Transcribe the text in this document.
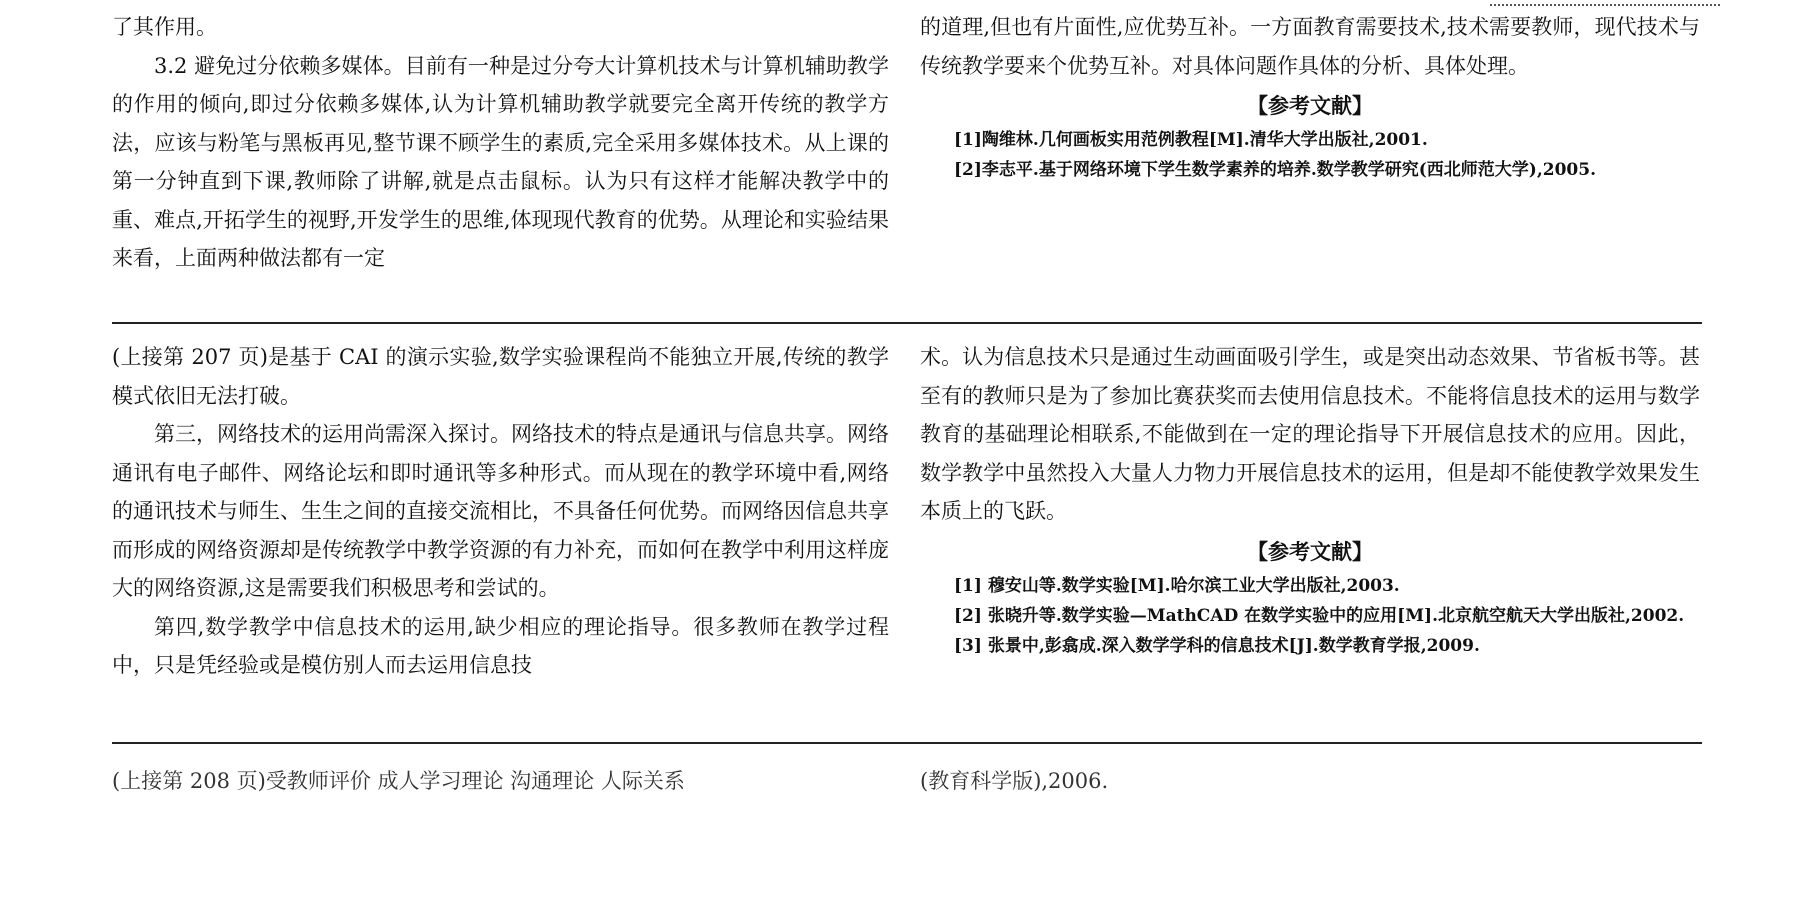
了其作用。

3.2 避免过分依赖多媒体。目前有一种是过分夸大计算机技术与计算机辅助教学的作用的倾向,即过分依赖多媒体,认为计算机辅助教学就要完全离开传统的教学方法，应该与粉笔与黑板再见,整节课不顾学生的素质,完全采用多媒体技术。从上课的第一分钟直到下课,教师除了讲解,就是点击鼠标。认为只有这样才能解决教学中的重、难点,开拓学生的视野,开发学生的思维,体现现代教育的优势。从理论和实验结果来看，上面两种做法都有一定

的道理,但也有片面性,应优势互补。一方面教育需要技术,技术需要教师，现代技术与传统教学要来个优势互补。对具体问题作具体的分析、具体处理。

【参考文献】

[1]陶维林.几何画板实用范例教程[M].清华大学出版社,2001.

[2]李志平.基于网络环境下学生数学素养的培养.数学教学研究(西北师范大学),2005.

(上接第 207 页)是基于 CAI 的演示实验,数学实验课程尚不能独立开展,传统的教学模式依旧无法打破。

第三，网络技术的运用尚需深入探讨。网络技术的特点是通讯与信息共享。网络通讯有电子邮件、网络论坛和即时通讯等多种形式。而从现在的教学环境中看,网络的通讯技术与师生、生生之间的直接交流相比，不具备任何优势。而网络因信息共享而形成的网络资源却是传统教学中教学资源的有力补充，而如何在教学中利用这样庞大的网络资源,这是需要我们积极思考和尝试的。

第四,数学教学中信息技术的运用,缺少相应的理论指导。很多教师在教学过程中，只是凭经验或是模仿别人而去运用信息技

术。认为信息技术只是通过生动画面吸引学生，或是突出动态效果、节省板书等。甚至有的教师只是为了参加比赛获奖而去使用信息技术。不能将信息技术的运用与数学教育的基础理论相联系,不能做到在一定的理论指导下开展信息技术的应用。因此，数学教学中虽然投入大量人力物力开展信息技术的运用，但是却不能使教学效果发生本质上的飞跃。

【参考文献】

[1] 穆安山等.数学实验[M].哈尔滨工业大学出版社,2003.

[2] 张晓升等.数学实验—MathCAD 在数学实验中的应用[M].北京航空航天大学出版社,2002.

[3] 张景中,彭翕成.深入数学学科的信息技术[J].数学教育学报,2009.

(上接第 208 页)受教师评价 成人学习理论 沟通理论 人际关系	(教育科学版),2006.
